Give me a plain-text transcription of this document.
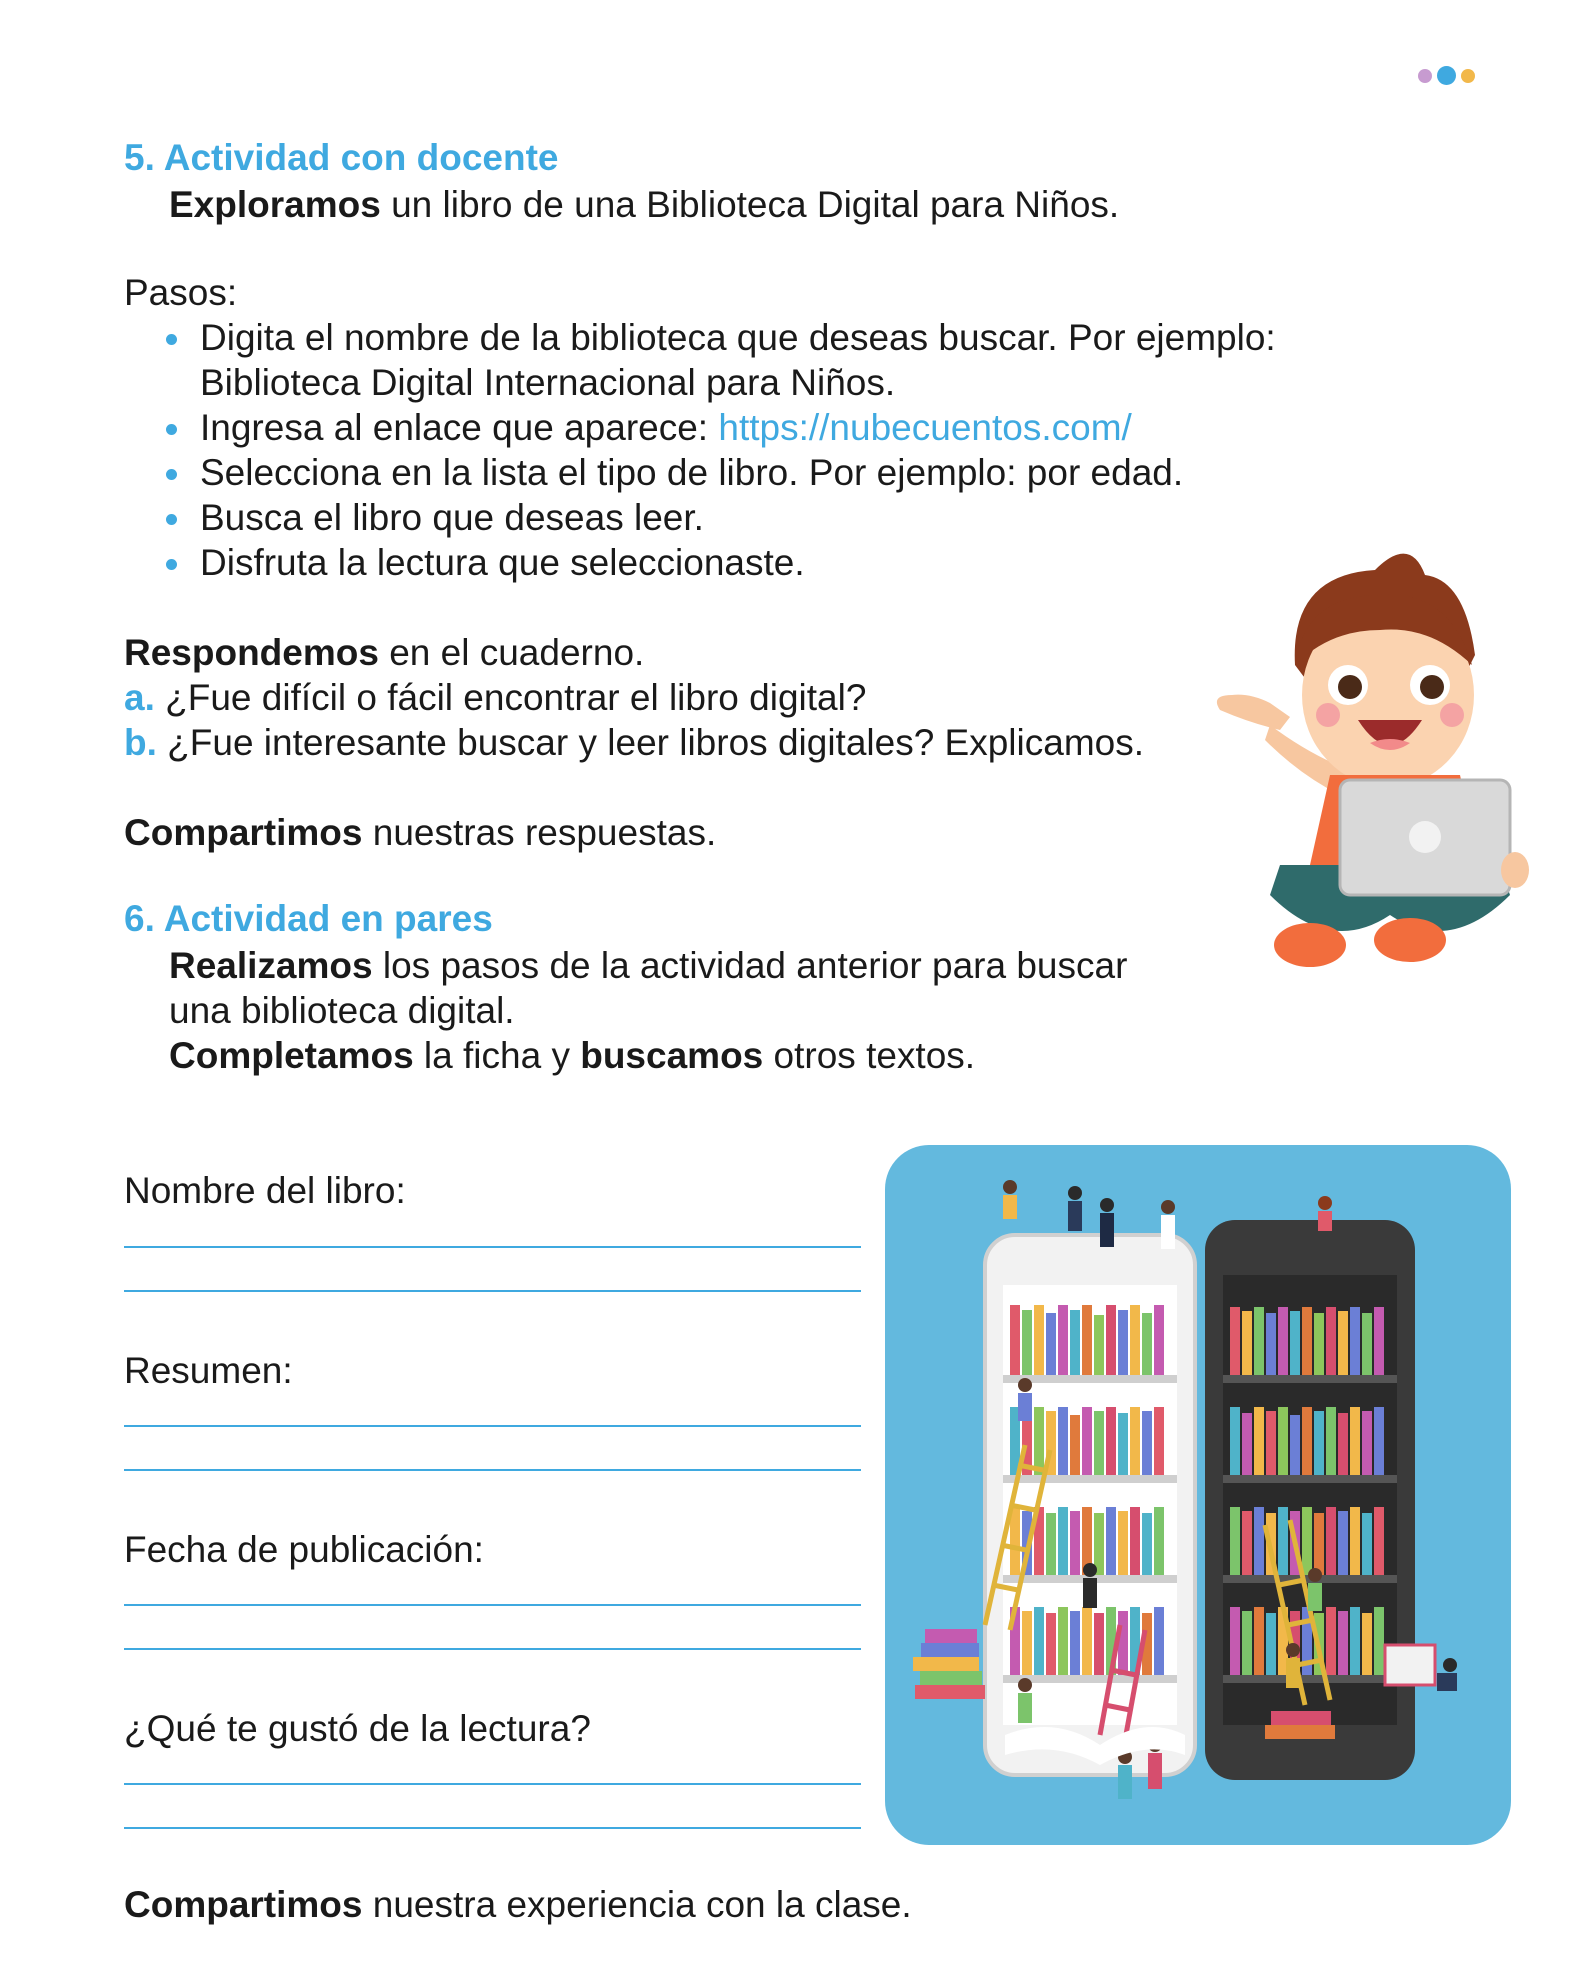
5. Actividad con docente
Exploramos un libro de una Biblioteca Digital para Niños.
Pasos:
Digita el nombre de la biblioteca que deseas buscar. Por ejemplo:
Biblioteca Digital Internacional para Niños.
Ingresa al enlace que aparece: https://nubecuentos.com/
Selecciona en la lista el tipo de libro. Por ejemplo: por edad.
Busca el libro que deseas leer.
Disfruta la lectura que seleccionaste.
Respondemos en el cuaderno.
a. ¿Fue difícil o fácil encontrar el libro digital?
b. ¿Fue interesante buscar y leer libros digitales? Explicamos.
Compartimos nuestras respuestas.
6. Actividad en pares
Realizamos los pasos de la actividad anterior para buscar
una biblioteca digital.
Completamos la ficha y buscamos otros textos.
Nombre del libro:
Resumen:
Fecha de publicación:
¿Qué te gustó de la lectura?
Compartimos nuestra experiencia con la clase.
